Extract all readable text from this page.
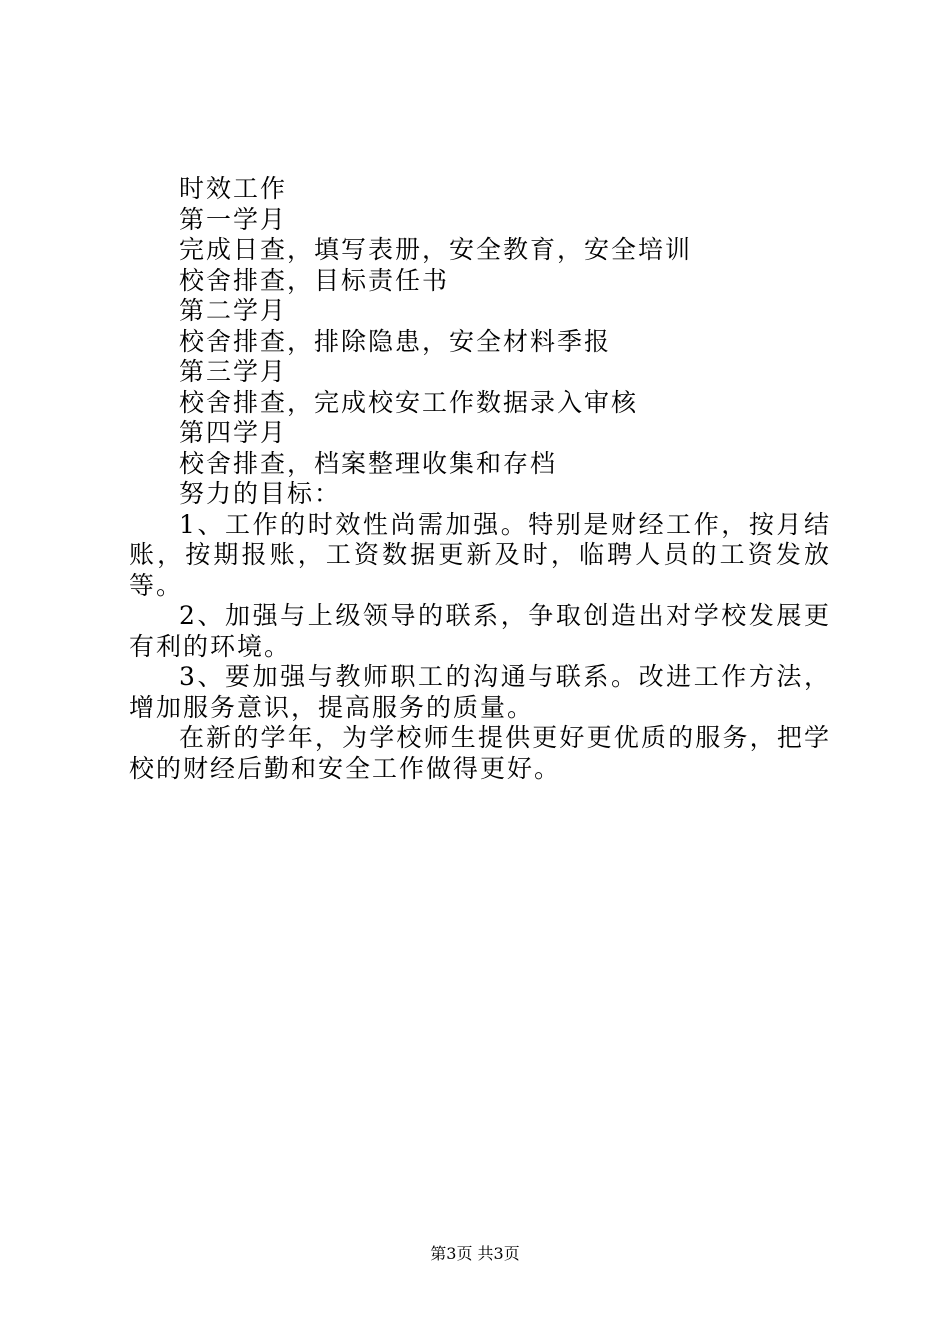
时效工作
第一学月
完成日查，填写表册，安全教育，安全培训
校舍排查，目标责任书
第二学月
校舍排查，排除隐患，安全材料季报
第三学月
校舍排查，完成校安工作数据录入审核
第四学月
校舍排查，档案整理收集和存档
努力的目标：
1、工作的时效性尚需加强。特别是财经工作，按月结账，按期报账，工资数据更新及时，临聘人员的工资发放等。
2、加强与上级领导的联系，争取创造出对学校发展更有利的环境。
3、要加强与教师职工的沟通与联系。改进工作方法，增加服务意识，提高服务的质量。
在新的学年，为学校师生提供更好更优质的服务，把学校的财经后勤和安全工作做得更好。
第3页 共3页
